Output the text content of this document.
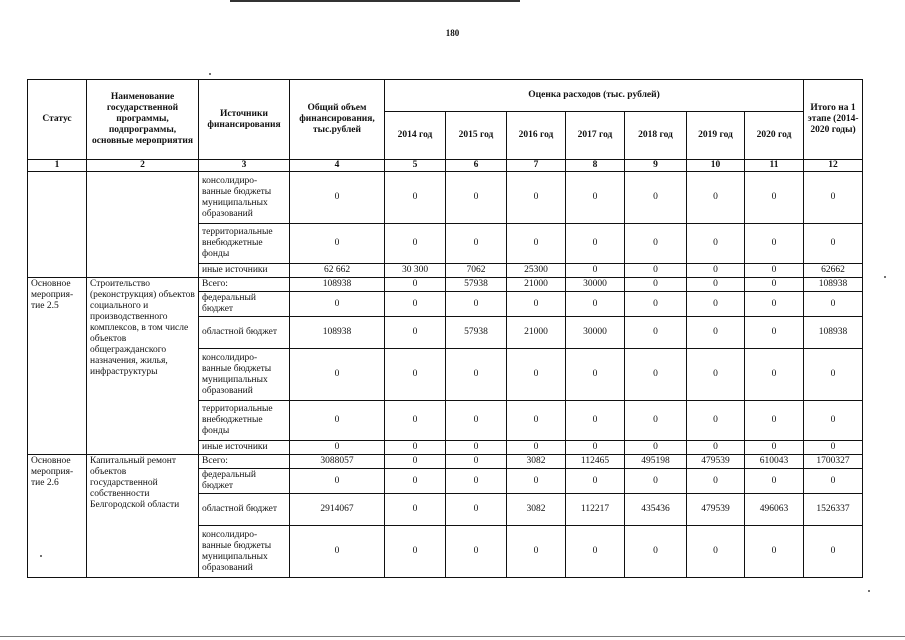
180
Статус	Наименование государственной программы, подпрограммы, основные мероприятия	Источники финансирования	Общий объем финансирования, тыс.рублей	Оценка расходов (тыс. рублей)							Итого на 1 этапе (2014-2020 годы)
				2014 год	2015 год	2016 год	2017 год	2018 год	2019 год	2020 год	
1	2	3	4	5	6	7	8	9	10	11	12
		консолидиро-ванные бюджеты муниципальных образований	0	0	0	0	0	0	0	0	0
		территориальные внебюджетные фонды	0	0	0	0	0	0	0	0	0
		иные источники	62 662	30 300	7062	25300	0	0	0	0	62662
Основное мероприя-тие 2.5	Строительство (реконструкция) объектов социального и производственного комплексов, в том числе объектов общегражданского назначения, жилья, инфраструктуры	Всего:	108938	0	57938	21000	30000	0	0	0	108938
		федеральный бюджет	0	0	0	0	0	0	0	0	0
		областной бюджет	108938	0	57938	21000	30000	0	0	0	108938
		консолидиро-ванные бюджеты муниципальных образований	0	0	0	0	0	0	0	0	0
		территориальные внебюджетные фонды	0	0	0	0	0	0	0	0	0
		иные источники	0	0	0	0	0	0	0	0	0
Основное мероприя-тие 2.6	Капитальный ремонт объектов государственной собственности Белгородской области	Всего:	3088057	0	0	3082	112465	495198	479539	610043	1700327
		федеральный бюджет	0	0	0	0	0	0	0	0	0
		областной бюджет	2914067	0	0	3082	112217	435436	479539	496063	1526337
		консолидиро-ванные бюджеты муниципальных образований	0	0	0	0	0	0	0	0	0
